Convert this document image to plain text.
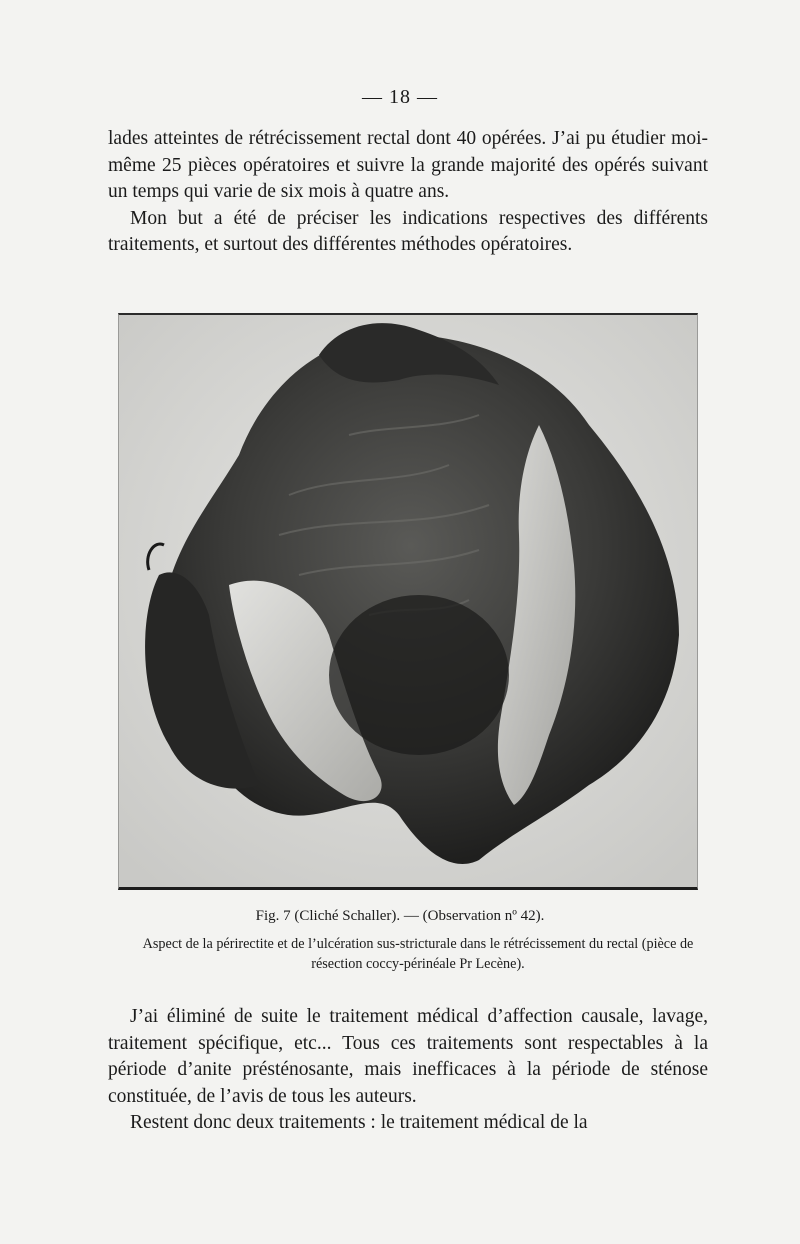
— 18 —

lades atteintes de rétrécissement rectal dont 40 opérées. J’ai pu étudier moi-même 25 pièces opératoires et suivre la grande majorité des opérés suivant un temps qui varie de six mois à quatre ans.

Mon but a été de préciser les indications respectives des différents traitements, et surtout des différentes méthodes opératoires.

Fig. 7 (Cliché Schaller). — (Observation nº 42).
Aspect de la périrectite et de l’ulcération sus-stricturale dans le rétrécissement du rectal (pièce de résection coccy-périnéale Pr Lecène).

J’ai éliminé de suite le traitement médical d’affection causale, lavage, traitement spécifique, etc... Tous ces traitements sont respectables à la période d’anite présténosante, mais inefficaces à la période de sténose constituée, de l’avis de tous les auteurs.

Restent donc deux traitements : le traitement médical de la
